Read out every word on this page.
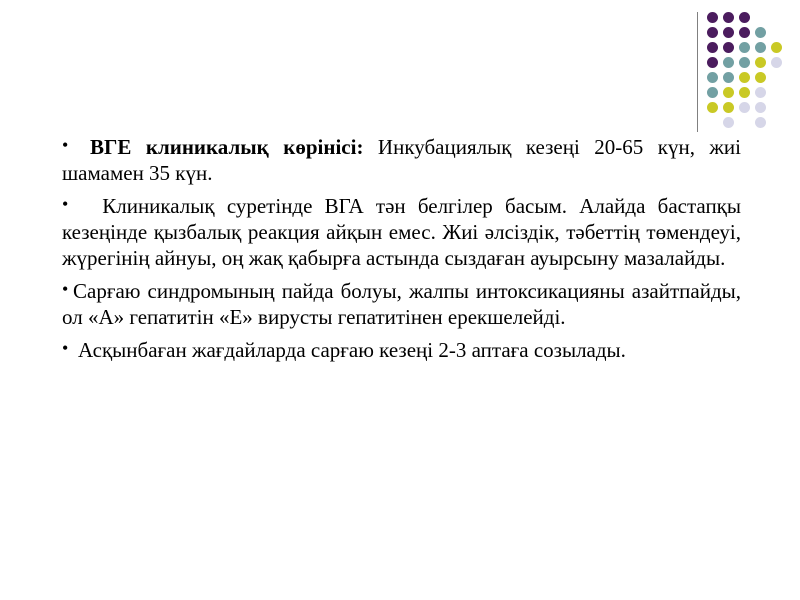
• ВГЕ клиникалық көрінісі: Инкубациялық кезеңі 20-65 күн, жиі шамамен 35 күн.

• Клиникалық суретінде ВГА тән белгілер басым. Алайда бастапқы кезеңінде қызбалық реакция айқын емес. Жиі әлсіздік, тәбеттің төмендеуі, жүрегінің айнуы, оң жақ қабырға астында сыздаған ауырсыну мазалайды.

• Сарғаю синдромының пайда болуы, жалпы интоксикацияны азайтпайды, ол «А» гепатитін «Е» вирусты гепатитінен ерекшелейді.

• Асқынбаған жағдайларда сарғаю кезеңі 2-3 аптаға созылады.
